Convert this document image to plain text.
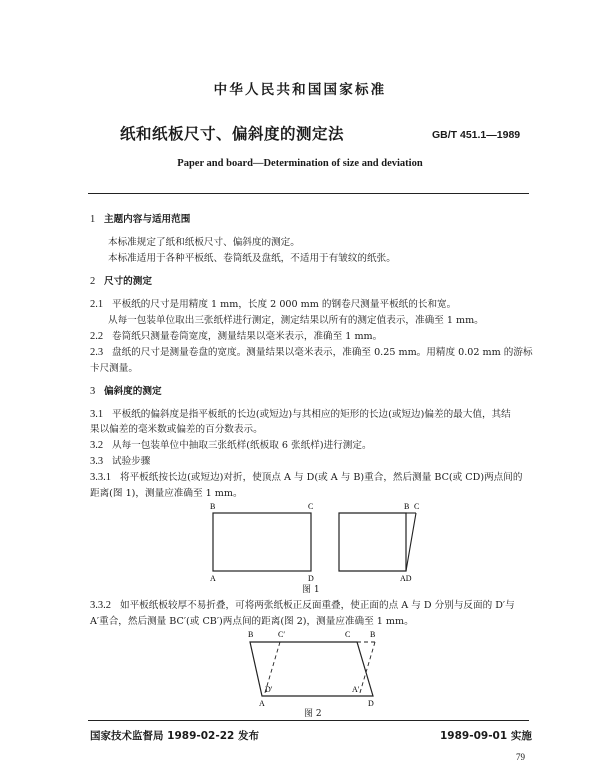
中华人民共和国国家标准
纸和纸板尺寸、偏斜度的测定法	GB/T 451.1—1989
Paper and board—Determination of size and deviation
1 主题内容与适用范围
本标准规定了纸和纸板尺寸、偏斜度的测定。
本标准适用于各种平板纸、卷筒纸及盘纸，不适用于有皱纹的纸张。
2 尺寸的测定
2.1 平板纸的尺寸是用精度 1 mm，长度 2 000 mm 的钢卷尺测量平板纸的长和宽。
从每一包装单位取出三张纸样进行测定，测定结果以所有的测定值表示，准确至 1 mm。
2.2 卷筒纸只测量卷筒宽度，测量结果以毫米表示，准确至 1 mm。
2.3 盘纸的尺寸是测量卷盘的宽度。测量结果以毫米表示，准确至 0.25 mm。用精度 0.02 mm 的游标
卡尺测量。
3 偏斜度的测定
3.1 平板纸的偏斜度是指平板纸的长边(或短边)与其相应的矩形的长边(或短边)偏差的最大值，其结
果以偏差的毫米数或偏差的百分数表示。
3.2 从每一包装单位中抽取三张纸样(纸板取 6 张纸样)进行测定。
3.3 试验步骤
3.3.1 将平板纸按长边(或短边)对折，使顶点 A 与 D(或 A 与 B)重合，然后测量 BC(或 CD)两点间的
距离(图 1)，测量应准确至 1 mm。
B	C
A	D
B C
AD
图 1
3.3.2 如平板纸板较厚不易折叠，可将两张纸板正反面重叠，使正面的点 A 与 D 分别与反面的 D′与
A′重合，然后测量 BC′(或 CB′)两点间的距离(图 2)，测量应准确至 1 mm。
B	C′	C B
D′	A′
A	D
图 2
国家技术监督局 1989-02-22 发布	1989-09-01 实施
79
